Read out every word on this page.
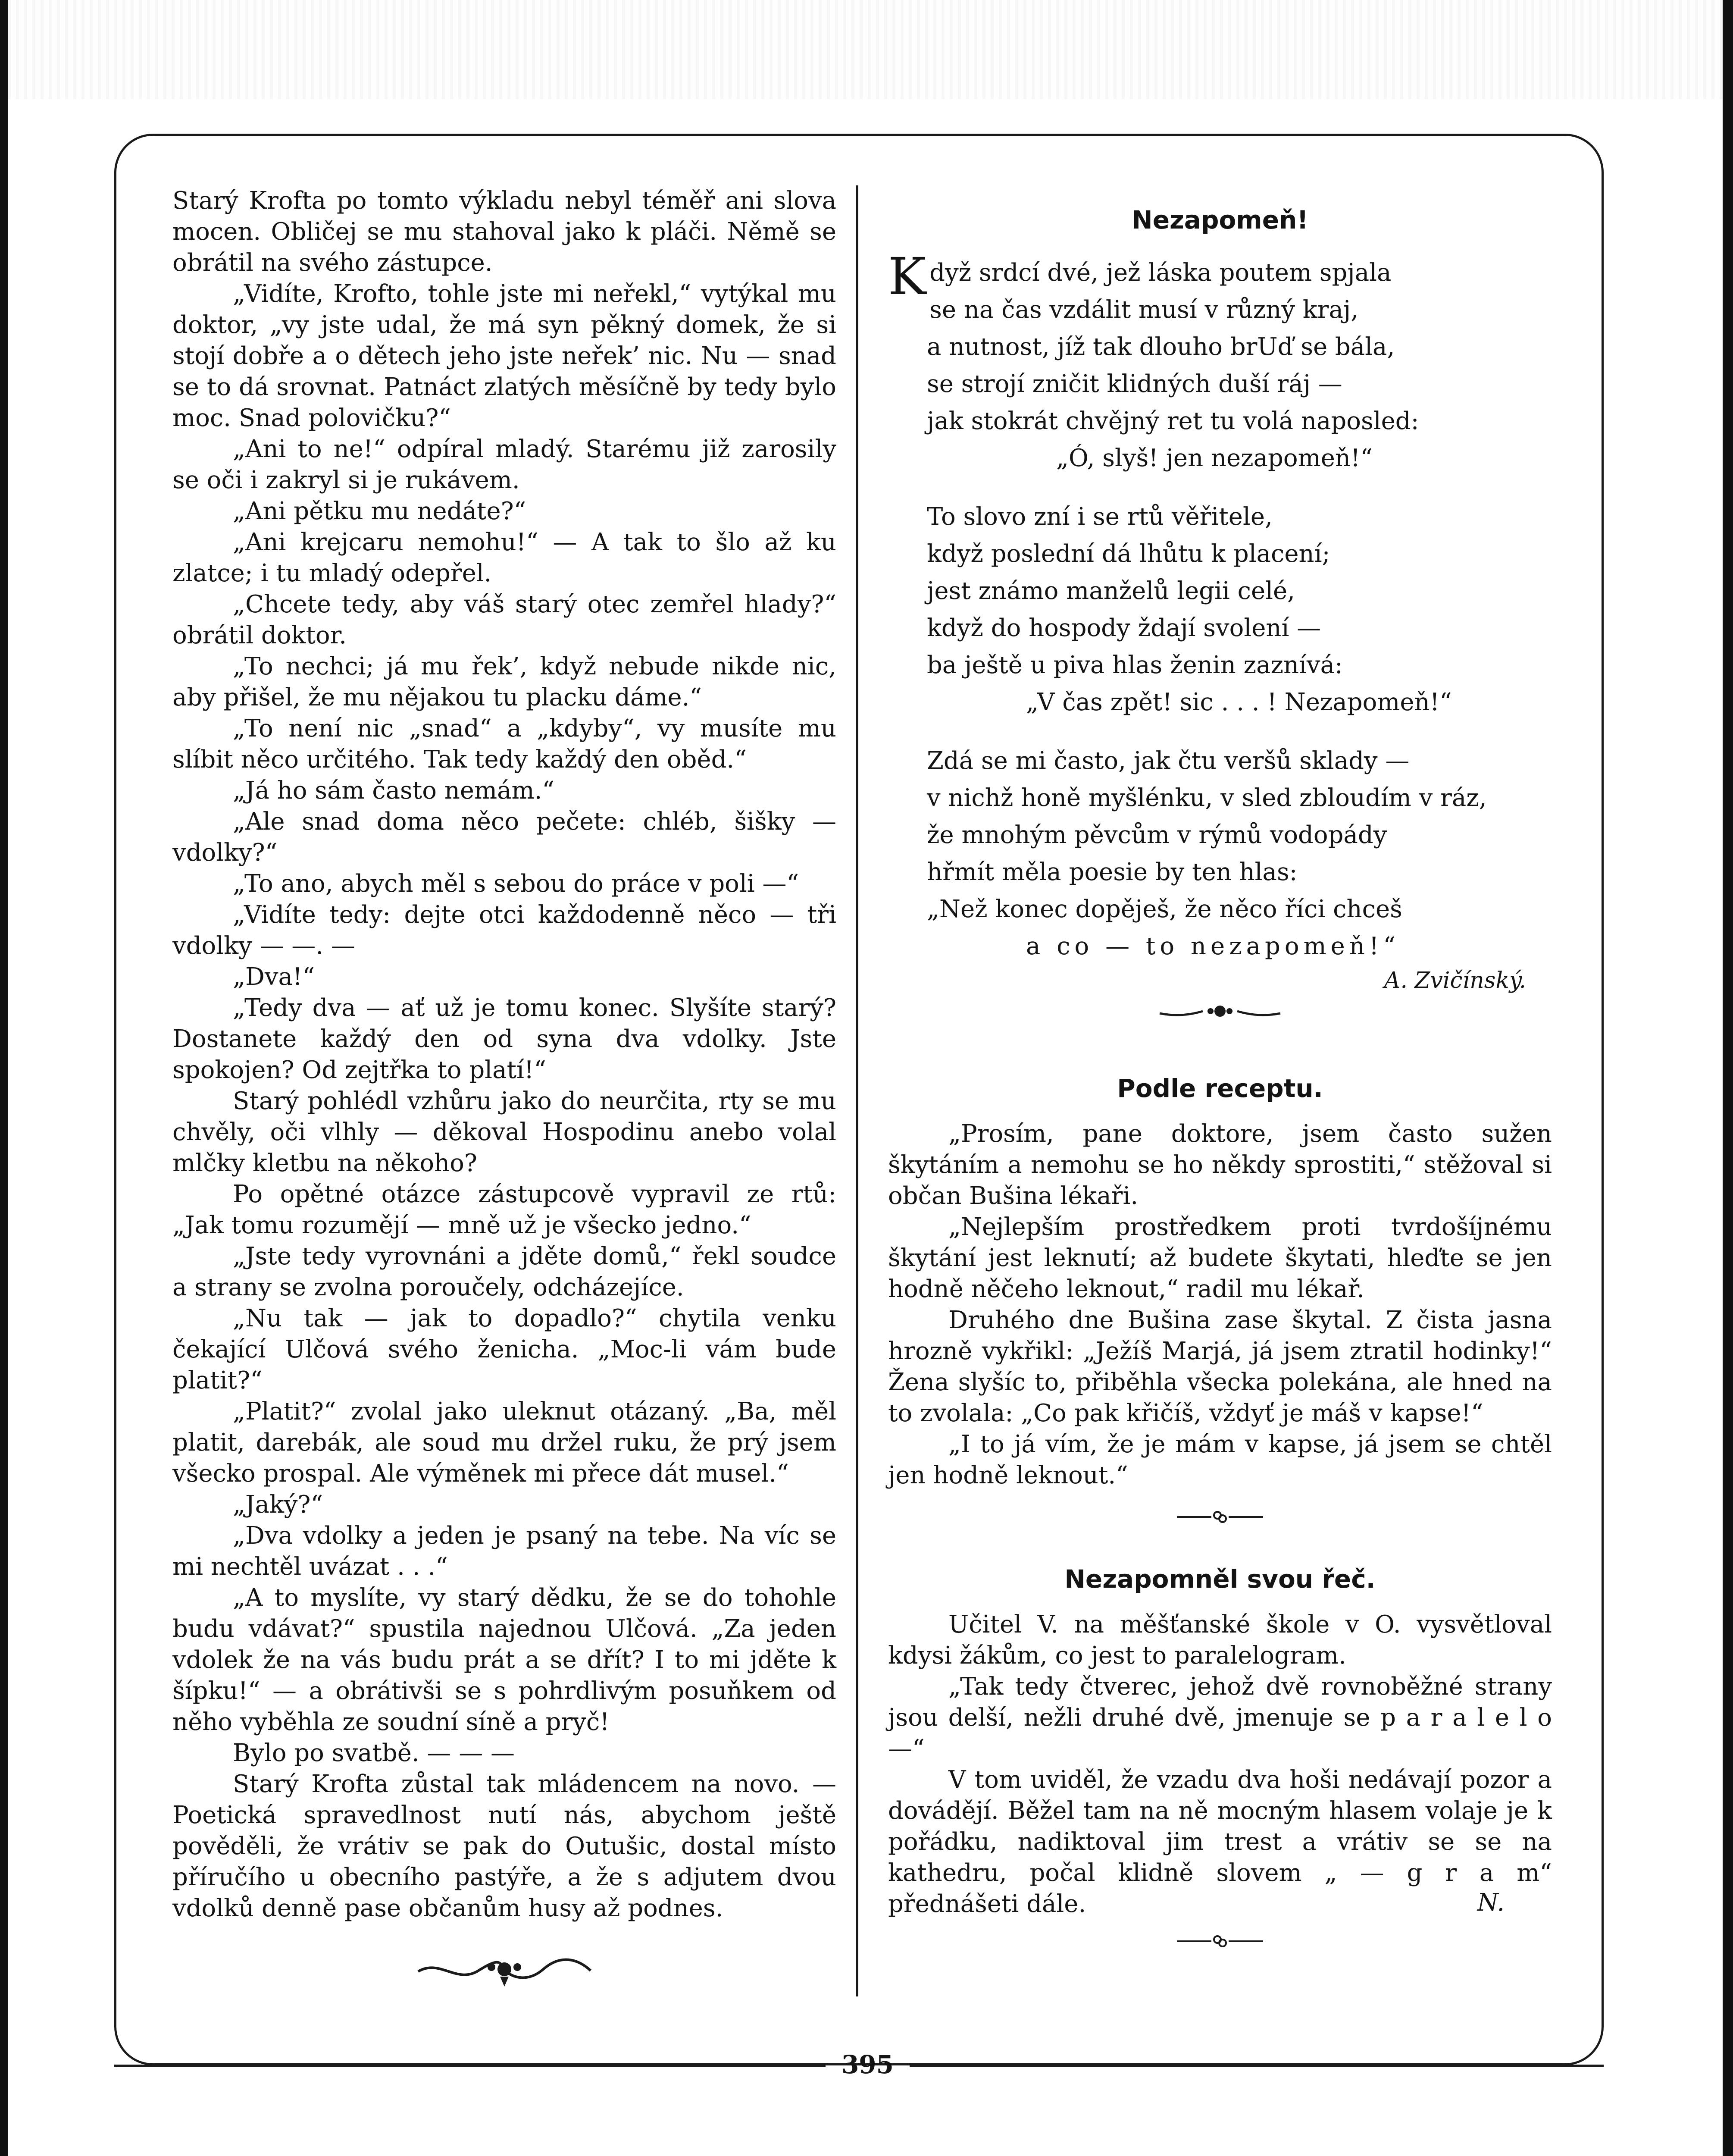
Starý Krofta po tomto výkladu nebyl téměř ani slova mocen. Obličej se mu stahoval jako k pláči. Němě se obrátil na svého zástupce.

„Vidíte, Krofto, tohle jste mi neřekl,“ vytýkal mu doktor, „vy jste udal, že má syn pěkný domek, že si stojí dobře a o dětech jeho jste neřek’ nic. Nu — snad se to dá srovnat. Patnáct zlatých měsíčně by tedy bylo moc. Snad polovičku?“

„Ani to ne!“ odpíral mladý. Starému již zarosily se oči i zakryl si je rukávem.

„Ani pětku mu nedáte?“

„Ani krejcaru nemohu!“ — A tak to šlo až ku zlatce; i tu mladý odepřel.

„Chcete tedy, aby váš starý otec zemřel hlady?“ obrátil doktor.

„To nechci; já mu řek’, když nebude nikde nic, aby přišel, že mu nějakou tu placku dáme.“

„To není nic „snad“ a „kdyby“, vy musíte mu slíbit něco určitého. Tak tedy každý den oběd.“

„Já ho sám často nemám.“

„Ale snad doma něco pečete: chléb, šišky — vdolky?“

„To ano, abych měl s sebou do práce v poli —“

„Vidíte tedy: dejte otci každodenně něco — tři vdolky — —. —

„Dva!“

„Tedy dva — ať už je tomu konec. Slyšíte starý? Dostanete každý den od syna dva vdolky. Jste spokojen? Od zejtřka to platí!“

Starý pohlédl vzhůru jako do neurčita, rty se mu chvěly, oči vlhly — děkoval Hospodinu anebo volal mlčky kletbu na někoho?

Po opětné otázce zástupcově vypravil ze rtů: „Jak tomu rozumějí — mně už je všecko jedno.“

„Jste tedy vyrovnáni a jděte domů,“ řekl soudce a strany se zvolna poroučely, odcházejíce.

„Nu tak — jak to dopadlo?“ chytila venku čekající Ulčová svého ženicha. „Moc-li vám bude platit?“

„Platit?“ zvolal jako uleknut otázaný. „Ba, měl platit, darebák, ale soud mu držel ruku, že prý jsem všecko prospal. Ale výměnek mi přece dát musel.“

„Jaký?“

„Dva vdolky a jeden je psaný na tebe. Na víc se mi nechtěl uvázat . . .“

„A to myslíte, vy starý dědku, že se do tohohle budu vdávat?“ spustila najednou Ulčová. „Za jeden vdolek že na vás budu prát a se dřít? I to mi jděte k šípku!“ — a obrátivši se s pohrdlivým posuňkem od něho vyběhla ze soudní síně a pryč!

Bylo po svatbě. — — —

Starý Krofta zůstal tak mládencem na novo. — Poetická spravedlnost nutí nás, abychom ještě pověděli, že vrátiv se pak do Outušic, dostal místo příručího u obecního pastýře, a že s adjutem dvou vdolků denně pase občanům husy až podnes.

Nezapomeň!

Když srdcí dvé, jež láska poutem spjala

se na čas vzdálit musí v různý kraj,

a nutnost, jíž tak dlouho brUď se bála,

se strojí zničit klidných duší ráj —

jak stokrát chvějný ret tu volá naposled:

„Ó, slyš! jen nezapomeň!“

To slovo zní i se rtů věřitele,

když poslední dá lhůtu k placení;

jest známo manželů legii celé,

když do hospody ždají svolení —

ba ještě u piva hlas ženin zaznívá:

„V čas zpět! sic . . . ! Nezapomeň!“

Zdá se mi často, jak čtu veršů sklady —

v nichž honě myšlénku, v sled zbloudím v ráz,

že mnohým pěvcům v rýmů vodopády

hřmít měla poesie by ten hlas:

„Než konec dopěješ, že něco říci chceš

a co — to nezapomeň!“

A. Zvičínský.

Podle receptu.

„Prosím, pane doktore, jsem často sužen škytáním a nemohu se ho někdy sprostiti,“ stěžoval si občan Bušina lékaři.

„Nejlepším prostředkem proti tvrdošíjnému škytání jest leknutí; až budete škytati, hleďte se jen hodně něčeho leknout,“ radil mu lékař.

Druhého dne Bušina zase škytal. Z čista jasna hrozně vykřikl: „Ježíš Marjá, já jsem ztratil hodinky!“ Žena slyšíc to, přiběhla všecka polekána, ale hned na to zvolala: „Co pak křičíš, vždyť je máš v kapse!“

„I to já vím, že je mám v kapse, já jsem se chtěl jen hodně leknout.“

Nezapomněl svou řeč.

Učitel V. na měšťanské škole v O. vysvětloval kdysi žákům, co jest to paralelogram.

„Tak tedy čtverec, jehož dvě rovnoběžné strany jsou delší, nežli druhé dvě, jmenuje se p a r a l e l o —“

V tom uviděl, že vzadu dva hoši nedávají pozor a dovádějí. Běžel tam na ně mocným hlasem volaje je k pořádku, nadiktoval jim trest a vrátiv se se na kathedru, počal klidně slovem „ — g r a m“ přednášeti dále.	N.
395
